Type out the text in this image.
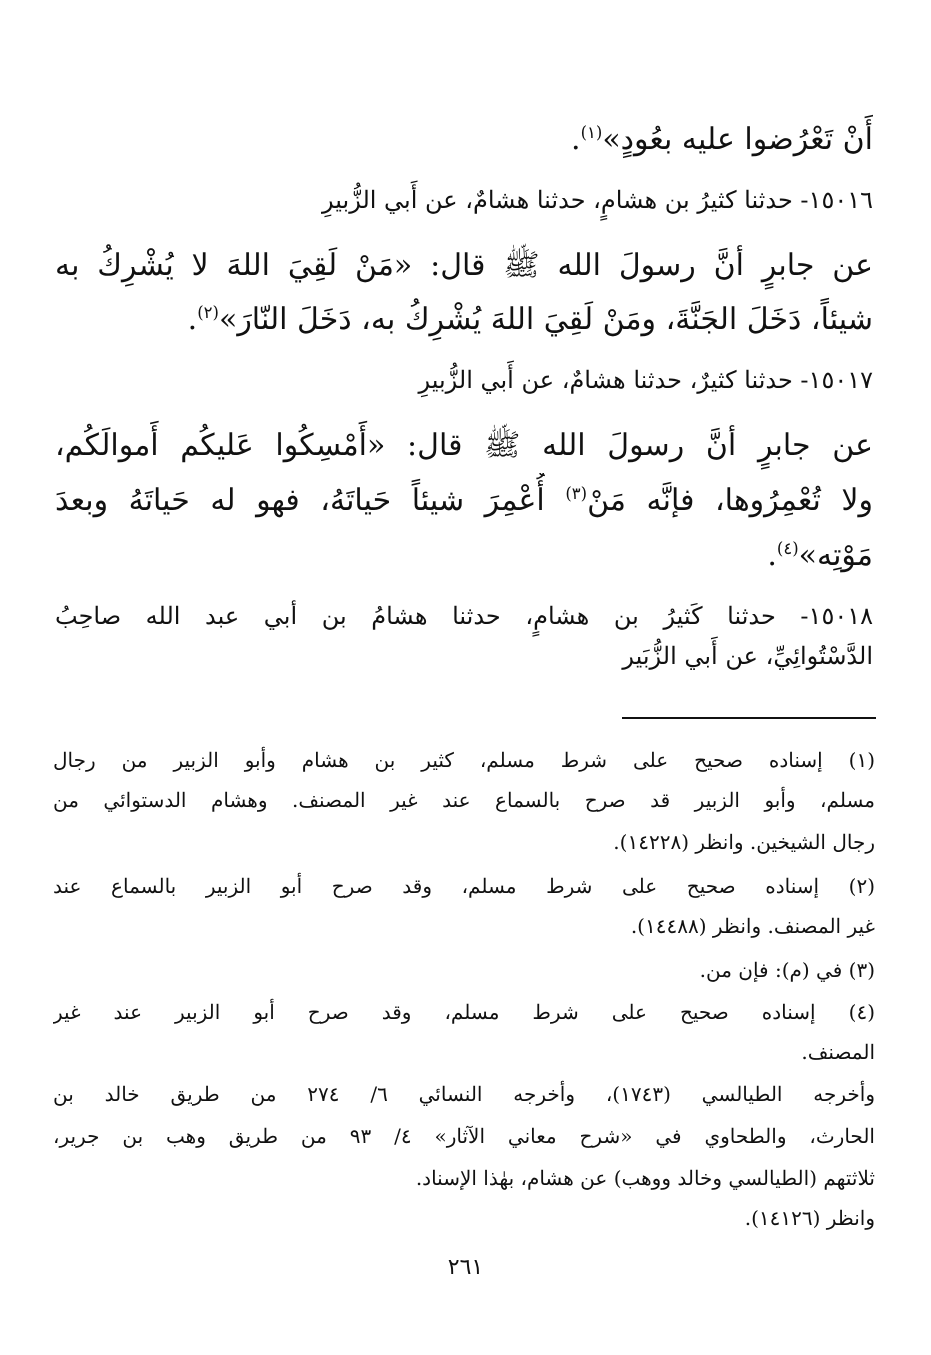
أَنْ تَعْرُضوا عليه بعُودٍ»$^{(١)}$.
١٥٠١٦- حدثنا كثيرُ بن هشامٍ، حدثنا هشامٌ، عن أَبي الزُّبيرِ
عن جابرٍ أنَّ رسولَ الله ﷺ قال: «مَنْ لَقِيَ اللهَ لا يُشْرِكُ به
شيئاً، دَخَلَ الجَنَّةَ، ومَنْ لَقِيَ اللهَ يُشْرِكُ به، دَخَلَ النّارَ»$^{(٢)}$.
١٥٠١٧- حدثنا كثيرٌ، حدثنا هشامٌ، عن أَبي الزُّبيرِ
عن جابرٍ أنَّ رسولَ الله ﷺ قال: «أَمْسِكُوا عَليكُم أَموالَكُم،
ولا تُعْمِرُوها، فإنَّه مَنْ$^{(٣)}$ أُعْمِرَ شيئاً حَياتَهُ، فهو له حَياتَهُ وبعدَ
مَوْتِه»$^{(٤)}$.
١٥٠١٨- حدثنا كَثيرُ بن هشامٍ، حدثنا هشامُ بن أبي عبد الله صاحِبُ
الدَّسْتُوائِيِّ، عن أَبي الزُّبَير
(١) إسناده صحيح على شرط مسلم، كثير بن هشام وأبو الزبير من رجال
مسلم، وأبو الزبير قد صرح بالسماع عند غير المصنف. وهشام الدستوائي من
رجال الشيخين. وانظر (١٤٢٢٨).
(٢) إسناده صحيح على شرط مسلم، وقد صرح أبو الزبير بالسماع عند
غير المصنف. وانظر (١٤٤٨٨).
(٣) في (م): فإن من.
(٤) إسناده صحيح على شرط مسلم، وقد صرح أبو الزبير عند غير
المصنف.
وأخرجه الطيالسي (١٧٤٣)، وأخرجه النسائي ٦/ ٢٧٤ من طريق خالد بن
الحارث، والطحاوي في «شرح معاني الآثار» ٤/ ٩٣ من طريق وهب بن جرير،
ثلاثتهم (الطيالسي وخالد ووهب) عن هشام، بهٰذا الإسناد.
وانظر (١٤١٢٦).
٢٦١
